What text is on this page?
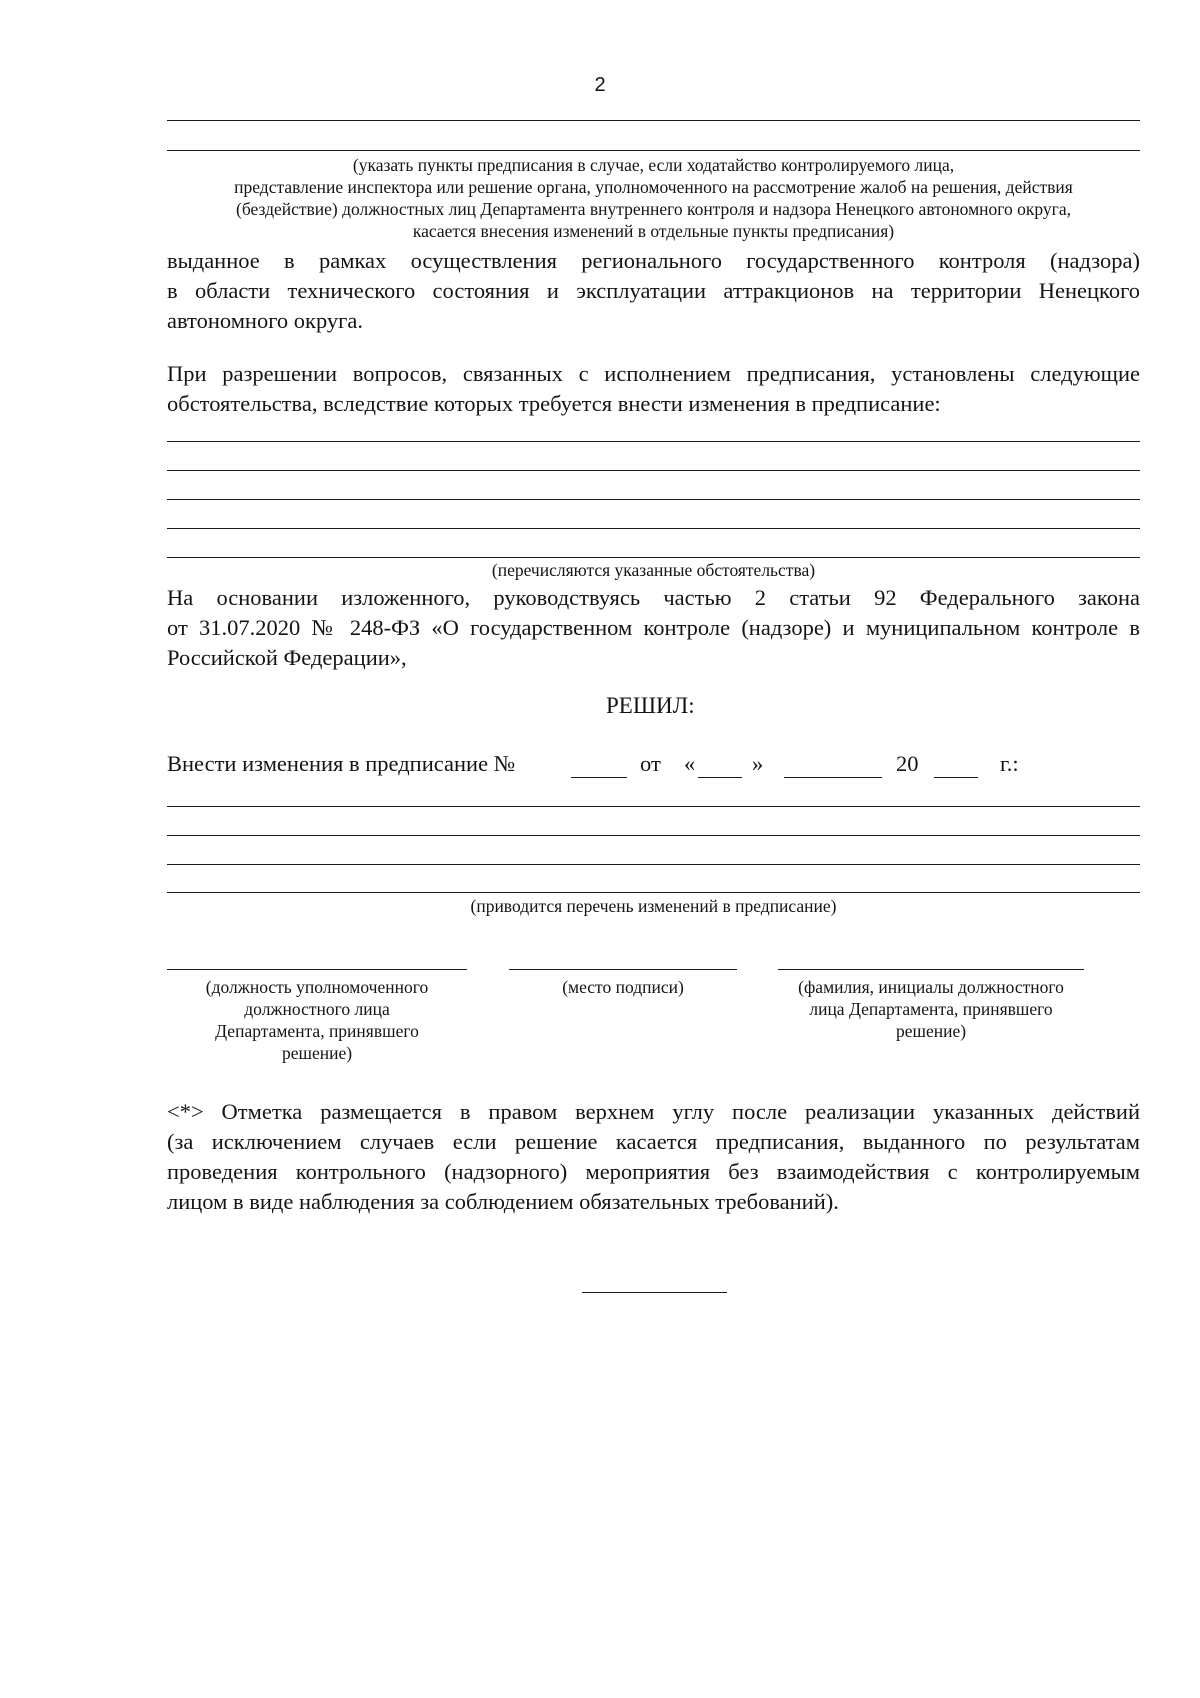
2
(указать пункты предписания в случае, если ходатайство контролируемого лица,
представление инспектора или решение органа, уполномоченного на рассмотрение жалоб на решения, действия
(бездействие) должностных лиц Департамента внутреннего контроля и надзора Ненецкого автономного округа,
касается внесения изменений в отдельные пункты предписания)
выданное в рамках осуществления регионального государственного контроля (надзора)
в области технического состояния и эксплуатации аттракционов на территории Ненецкого
автономного округа.
При разрешении вопросов, связанных с исполнением предписания, установлены следующие
обстоятельства, вследствие которых требуется внести изменения в предписание:
(перечисляются указанные обстоятельства)
На основании изложенного, руководствуясь частью 2 статьи 92 Федерального закона
от 31.07.2020 № 248-ФЗ «О государственном контроле (надзоре) и муниципальном контроле в
Российской Федерации»,
РЕШИЛ:
Внести изменения в предписание №	от «	»	20	г.:
(приводится перечень изменений в предписание)
(должность уполномоченного
должностного лица
Департамента, принявшего
решение)
(место подписи)	(фамилия, инициалы должностного
лица Департамента, принявшего
решение)
<*> Отметка размещается в правом верхнем углу после реализации указанных действий
(за исключением случаев если решение касается предписания, выданного по результатам
проведения контрольного (надзорного) мероприятия без взаимодействия с контролируемым
лицом в виде наблюдения за соблюдением обязательных требований).
